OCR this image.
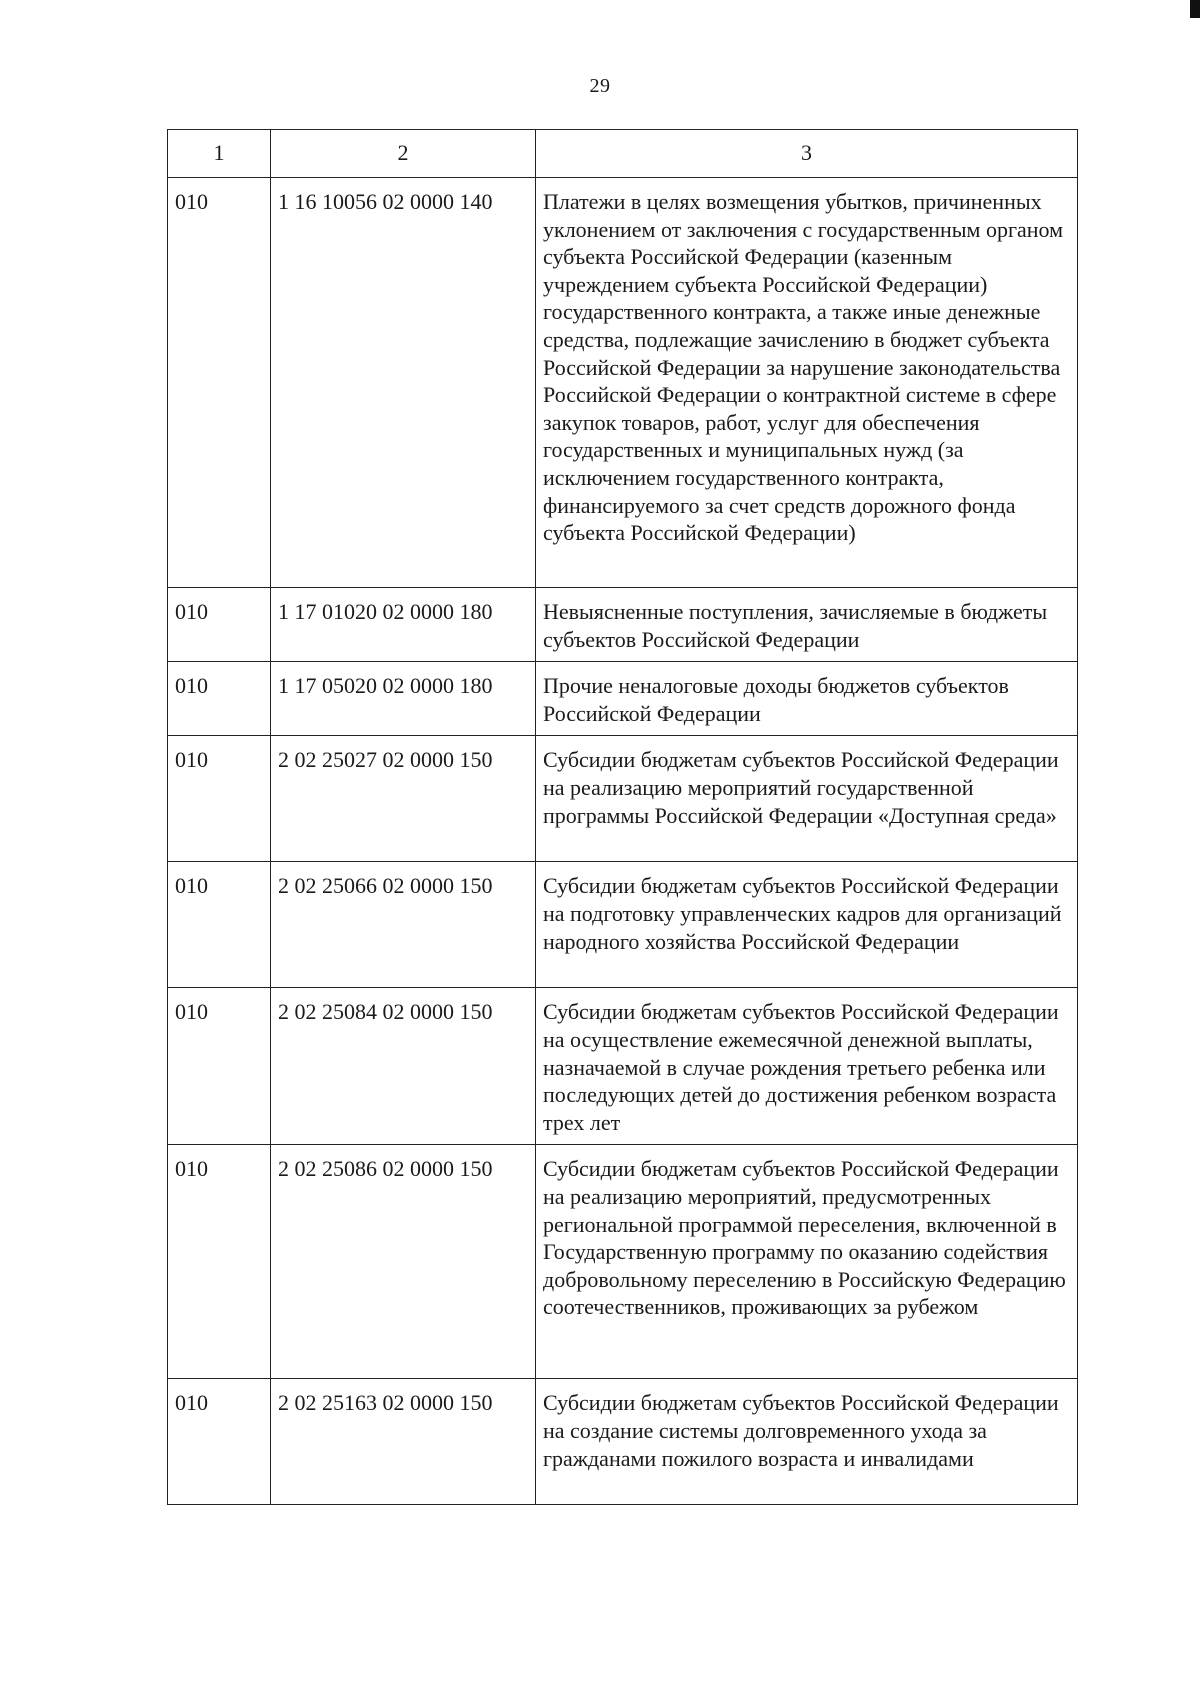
29
1	2	3
010	1 16 10056 02 0000 140	Платежи в целях возмещения убытков, причиненных уклонением от заключения с государственным органом субъекта Российской Федерации (казенным учреждением субъекта Российской Федерации) государственного контракта, а также иные денежные средства, подлежащие зачислению в бюджет субъекта Российской Федерации за нарушение законодательства Российской Федерации о контрактной системе в сфере закупок товаров, работ, услуг для обеспечения государственных и муниципальных нужд (за исключением государственного контракта, финансируемого за счет средств дорожного фонда субъекта Российской Федерации)
010	1 17 01020 02 0000 180	Невыясненные поступления, зачисляемые в бюджеты субъектов Российской Федерации
010	1 17 05020 02 0000 180	Прочие неналоговые доходы бюджетов субъектов Российской Федерации
010	2 02 25027 02 0000 150	Субсидии бюджетам субъектов Российской Федерации на реализацию мероприятий государственной программы Российской Федерации «Доступная среда»
010	2 02 25066 02 0000 150	Субсидии бюджетам субъектов Российской Федерации на подготовку управленческих кадров для организаций народного хозяйства Российской Федерации
010	2 02 25084 02 0000 150	Субсидии бюджетам субъектов Российской Федерации на осуществление ежемесячной денежной выплаты, назначаемой в случае рождения третьего ребенка или последующих детей до достижения ребенком возраста трех лет
010	2 02 25086 02 0000 150	Субсидии бюджетам субъектов Российской Федерации на реализацию мероприятий, предусмотренных региональной программой переселения, включенной в Государственную программу по оказанию содействия добровольному переселению в Российскую Федерацию соотечественников, проживающих за рубежом
010	2 02 25163 02 0000 150	Субсидии бюджетам субъектов Российской Федерации на создание системы долговременного ухода за гражданами пожилого возраста и инвалидами
